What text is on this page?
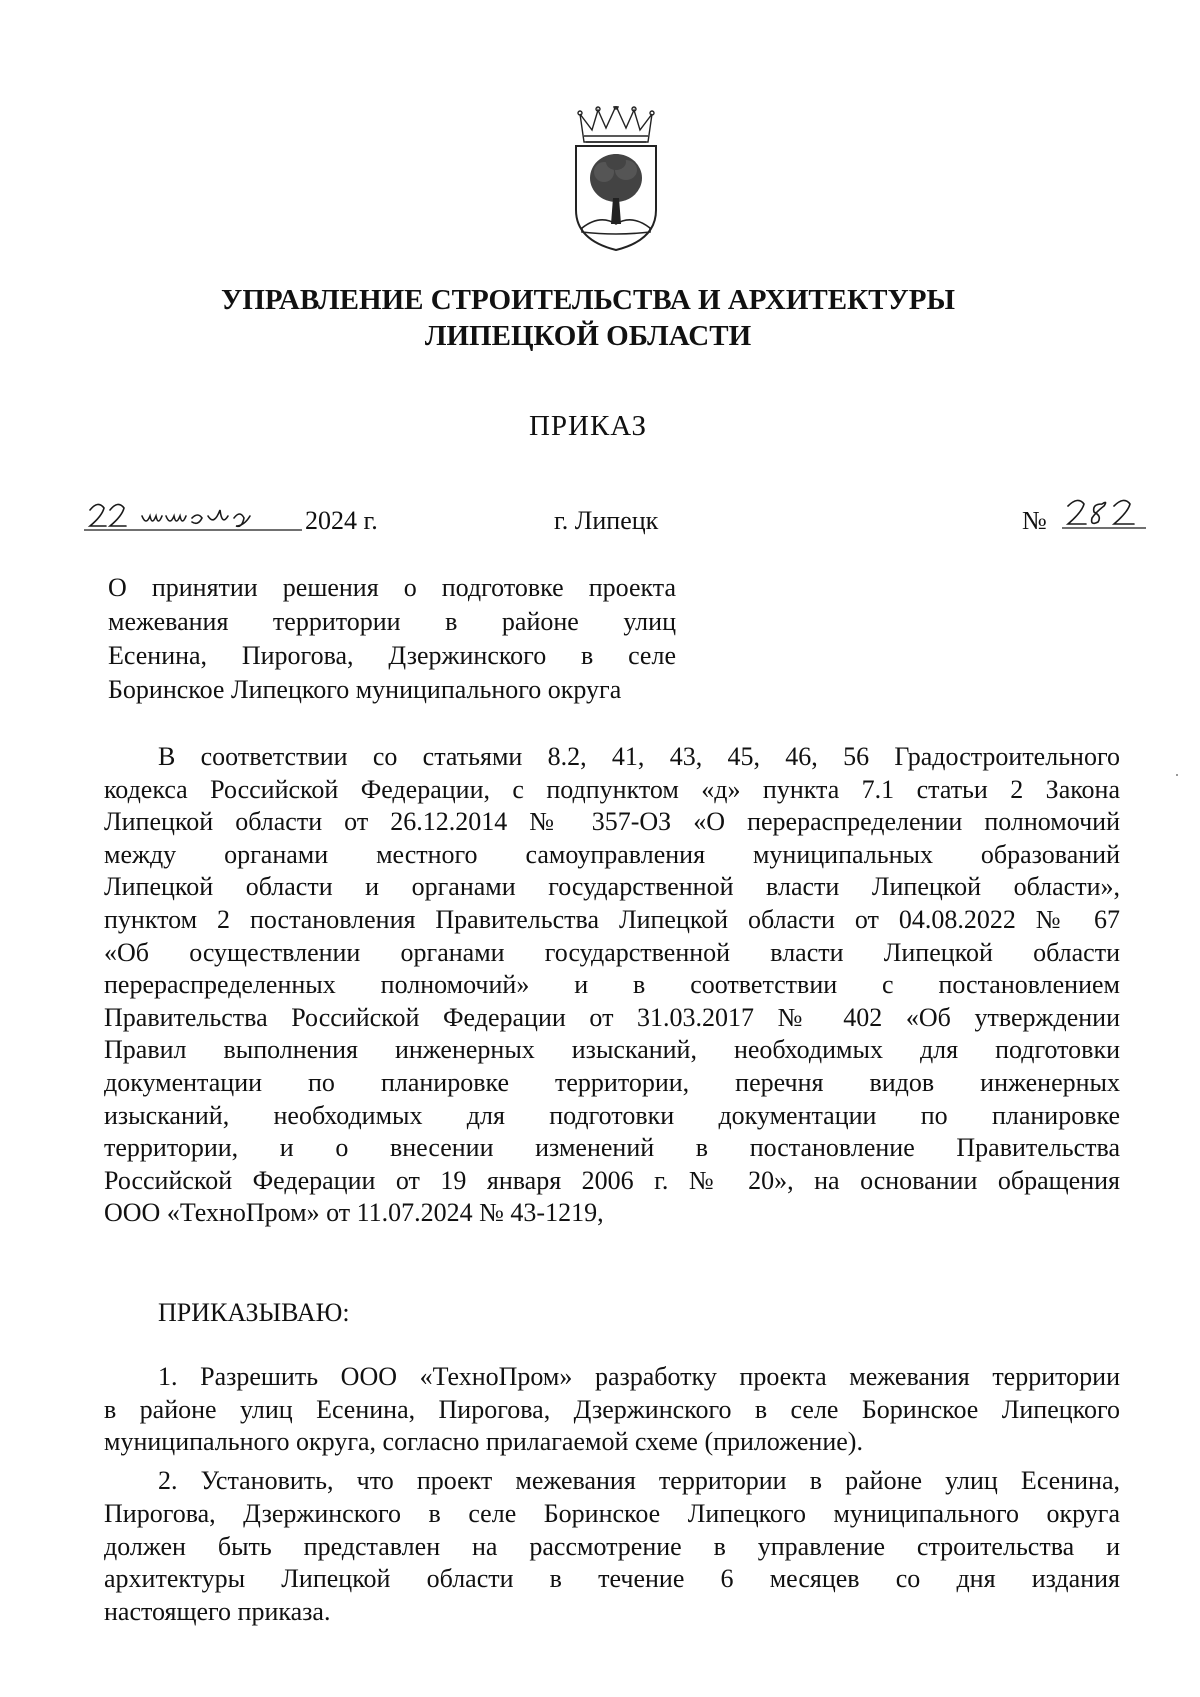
УПРАВЛЕНИЕ СТРОИТЕЛЬСТВА И АРХИТЕКТУРЫ
ЛИПЕЦКОЙ ОБЛАСТИ
ПРИКАЗ
2024 г.	г. Липецк	№
О принятии решения о подготовке проекта
межевания территории в районе улиц
Есенина, Пирогова, Дзержинского в селе
Боринское Липецкого муниципального округа
В соответствии со статьями 8.2, 41, 43, 45, 46, 56 Градостроительного
кодекса Российской Федерации, с подпунктом «д» пункта 7.1 статьи 2 Закона
Липецкой области от 26.12.2014 № 357-ОЗ «О перераспределении полномочий
между органами местного самоуправления муниципальных образований
Липецкой области и органами государственной власти Липецкой области»,
пунктом 2 постановления Правительства Липецкой области от 04.08.2022 № 67
«Об осуществлении органами государственной власти Липецкой области
перераспределенных полномочий» и в соответствии с постановлением
Правительства Российской Федерации от 31.03.2017 № 402 «Об утверждении
Правил выполнения инженерных изысканий, необходимых для подготовки
документации по планировке территории, перечня видов инженерных
изысканий, необходимых для подготовки документации по планировке
территории, и о внесении изменений в постановление Правительства
Российской Федерации от 19 января 2006 г. № 20», на основании обращения
ООО «ТехноПром» от 11.07.2024 № 43-1219,
ПРИКАЗЫВАЮ:
1. Разрешить ООО «ТехноПром» разработку проекта межевания территории
в районе улиц Есенина, Пирогова, Дзержинского в селе Боринское Липецкого
муниципального округа, согласно прилагаемой схеме (приложение).
2. Установить, что проект межевания территории в районе улиц Есенина,
Пирогова, Дзержинского в селе Боринское Липецкого муниципального округа
должен быть представлен на рассмотрение в управление строительства и
архитектуры Липецкой области в течение 6 месяцев со дня издания
настоящего приказа.
